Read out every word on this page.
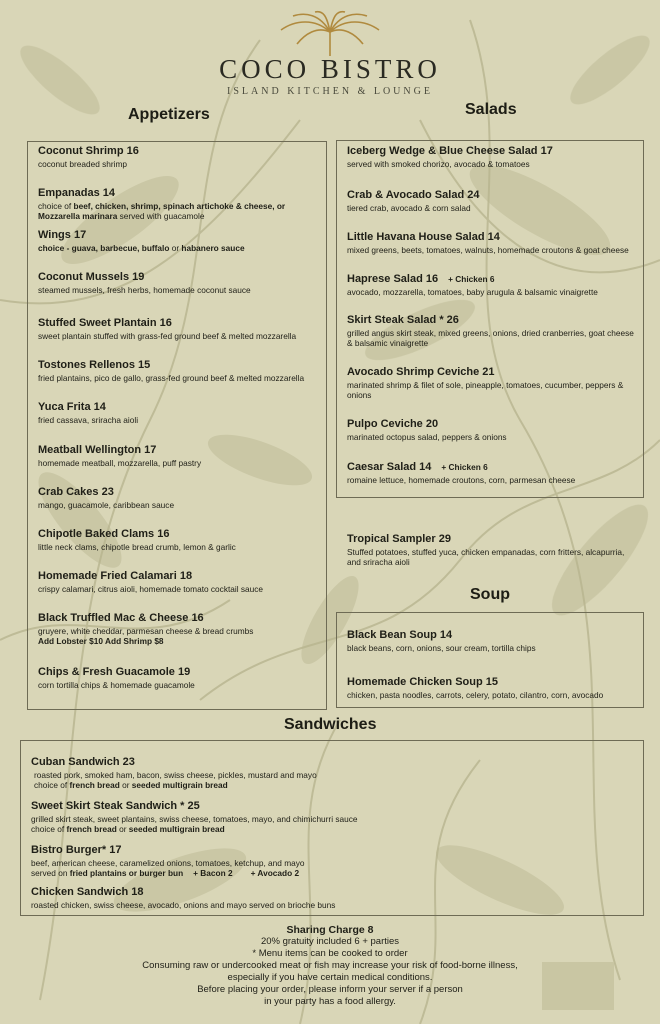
COCO BISTRO
ISLAND KITCHEN & LOUNGE
Appetizers
Coconut Shrimp 16
coconut breaded shrimp
Empanadas 14
choice of beef, chicken, shrimp, spinach artichoke & cheese, or Mozzarella marinara served with guacamole
Wings 17
choice - guava, barbecue, buffalo or habanero sauce
Coconut Mussels 19
steamed mussels, fresh herbs, homemade coconut sauce
Stuffed Sweet Plantain 16
sweet plantain stuffed with grass-fed ground beef & melted mozzarella
Tostones Rellenos 15
fried plantains, pico de gallo, grass-fed ground beef & melted mozzarella
Yuca Frita 14
fried cassava, sriracha aioli
Meatball Wellington 17
homemade meatball, mozzarella, puff pastry
Crab Cakes 23
mango, guacamole, caribbean sauce
Chipotle Baked Clams 16
little neck clams, chipotle bread crumb, lemon & garlic
Homemade Fried Calamari 18
crispy calamari, citrus aioli, homemade tomato cocktail sauce
Black Truffled Mac & Cheese 16
gruyere, white cheddar, parmesan cheese & bread crumbs
Add Lobster $10 Add Shrimp $8
Chips & Fresh Guacamole 19
corn tortilla chips & homemade guacamole
Salads
Iceberg Wedge & Blue Cheese Salad 17
served with smoked chorizo, avocado & tomatoes
Crab & Avocado Salad 24
tiered crab, avocado & corn salad
Little Havana House Salad 14
mixed greens, beets, tomatoes, walnuts, homemade croutons & goat cheese
Haprese Salad 16 + Chicken 6
avocado, mozzarella, tomatoes, baby arugula & balsamic vinaigrette
Skirt Steak Salad * 26
grilled angus skirt steak, mixed greens, onions, dried cranberries, goat cheese & balsamic vinaigrette
Avocado Shrimp Ceviche 21
marinated shrimp & filet of sole, pineapple, tomatoes, cucumber, peppers & onions
Pulpo Ceviche 20
marinated octopus salad, peppers & onions
Caesar Salad 14 + Chicken 6
romaine lettuce, homemade croutons, corn, parmesan cheese
Tropical Sampler 29
Stuffed potatoes, stuffed yuca, chicken empanadas, corn fritters, alcapurria, and sriracha aioli
Soup
Black Bean Soup 14
black beans, corn, onions, sour cream, tortilla chips
Homemade Chicken Soup 15
chicken, pasta noodles, carrots, celery, potato, cilantro, corn, avocado
Sandwiches
Cuban Sandwich 23
roasted pork, smoked ham, bacon, swiss cheese, pickles, mustard and mayo
choice of french bread or seeded multigrain bread
Sweet Skirt Steak Sandwich * 25
grilled skirt steak, sweet plantains, swiss cheese, tomatoes, mayo, and chimichurri sauce
choice of french bread or seeded multigrain bread
Bistro Burger* 17
beef, american cheese, caramelized onions, tomatoes, ketchup, and mayo
served on fried plantains or burger bun + Bacon 2 + Avocado 2
Chicken Sandwich 18
roasted chicken, swiss cheese, avocado, onions and mayo served on brioche buns
Sharing Charge 8
20% gratuity included 6 + parties
* Menu items can be cooked to order
Consuming raw or undercooked meat or fish may increase your risk of food-borne illness,
especially if you have certain medical conditions.
Before placing your order, please inform your server if a person
in your party has a food allergy.
